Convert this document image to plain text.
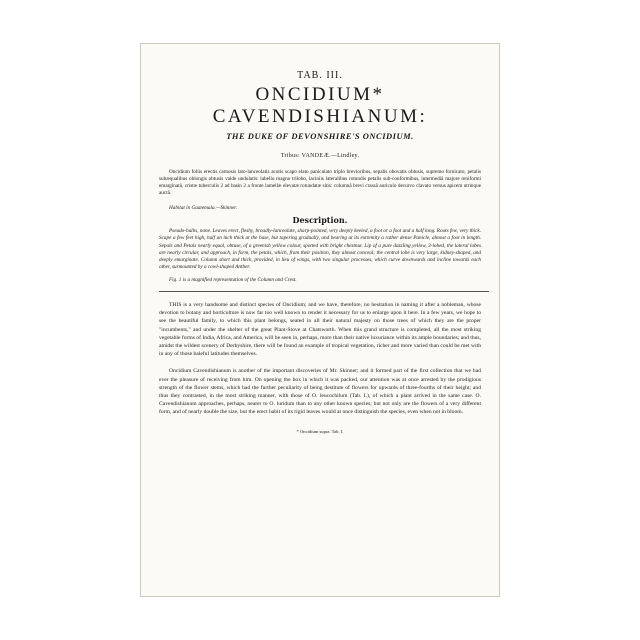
TAB. III.
ONCIDIUM* CAVENDISHIANUM:
THE DUKE OF DEVONSHIRE'S ONCIDIUM.
Tribus: VANDEÆ.—Lindley.
Oncidium foliis erectis carnosis lato-lanceolatis acutis scapo elato paniculato triplo brevioribus, sepalis obovatis obtusis, supremo fornicato, petalis subæqualibus oblongis obtusis valde undulatis: labello magno trilobo, laciniis lateralibus rotundis petalis sub-conformibus, intermediâ majore reniformi emarginatâ, cristæ tuberculis 2 ad basin 2 a fronte lamellæ elevatæ rotundatæ sitis: columnâ brevi crassâ auriculo decurvo clavato versus apicem utrinque auctâ.
Habitat in Guatemala.—Skinner.
Description.
Pseudo-bulbs, none. Leaves erect, fleshy, broadly-lanceolate, sharp-pointed, very deeply keeled, a foot or a foot and a half long. Roots few, very thick. Scape a few feet high, half an inch thick at the base, but tapering gradually, and bearing at its extremity a rather dense Panicle, almost a foot in length. Sepals and Petals nearly equal, obtuse, of a greenish yellow colour, spotted with bright chestnut. Lip of a pure dazzling yellow, 3-lobed, the lateral lobes are nearly circular, and approach, in form, the petals, which, from their position, they almost conceal; the central lobe is very large, kidney-shaped, and deeply emarginate. Column short and thick, provided, in lieu of wings, with two singular processes, which curve downwards and incline towards each other, surmounted by a cowl-shaped Anther.
Fig. 1 is a magnified representation of the Column and Crest.
THIS is a very handsome and distinct species of Oncidium; and we have, therefore, no hesitation in naming it after a nobleman, whose devotion to botany and horticulture is now far too well known to render it necessary for us to enlarge upon it here. In a few years, we hope to see the beautiful family, to which this plant belongs, seated in all their natural majesty on those trees of which they are the proper "incumbents," and under the shelter of the great Plant-Stove at Chatsworth. When this grand structure is completed, all the most striking vegetable forms of India, Africa, and America, will be seen in, perhaps, more than their native luxuriance within its ample boundaries; and thus, amidst the wildest scenery of Derbyshire, there will be found an example of tropical vegetation, richer and more varied than could be met with in any of those baleful latitudes themselves.
Oncidium Cavendishianum is another of the important discoveries of Mr. Skinner; and it formed part of the first collection that we had ever the pleasure of receiving from him. On opening the box in which it was packed, our attention was at once arrested by the prodigious strength of the flower stems, which had the further peculiarity of being destitute of flowers for upwards of three-fourths of their height; and thus they contrasted, in the most striking manner, with those of O. leucochilum (Tab. I.), of which a plant arrived in the same case. O. Cavendishianum approaches, perhaps, nearer to O. luridum than to any other known species; but not only are the flowers of a very different form, and of nearly double the size, but the erect habit of its rigid leaves would at once distinguish the species, even when not in bloom.
* Oncidium supra. Tab. I.
